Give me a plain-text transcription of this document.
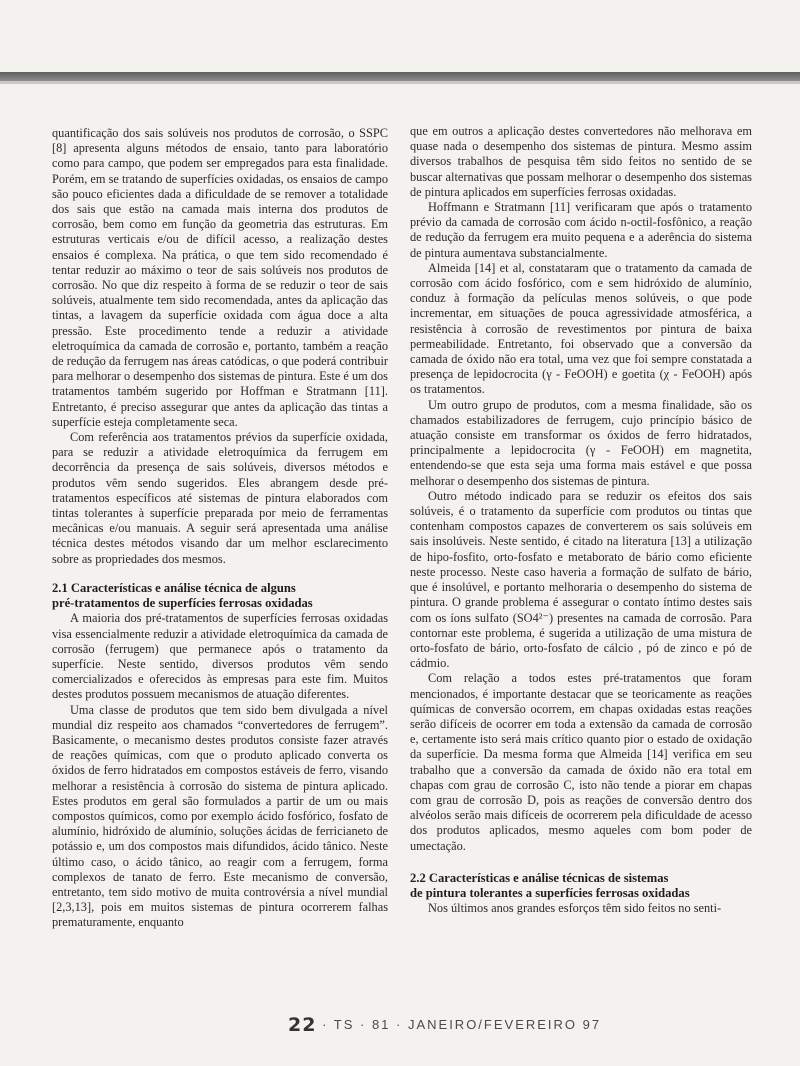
quantificação dos sais solúveis nos produtos de corrosão, o SSPC [8] apresenta alguns métodos de ensaio, tanto para laboratório como para campo, que podem ser empregados para esta finalidade. Porém, em se tratando de superfícies oxidadas, os ensaios de campo são pouco eficientes dada a dificuldade de se remover a totalidade dos sais que estão na camada mais interna dos produtos de corrosão, bem como em função da geometria das estruturas. Em estruturas verticais e/ou de difícil acesso, a realização destes ensaios é complexa. Na prática, o que tem sido recomendado é tentar reduzir ao máximo o teor de sais solúveis nos produtos de corrosão. No que diz respeito à forma de se reduzir o teor de sais solúveis, atualmente tem sido recomendada, antes da aplicação das tintas, a lavagem da superfície oxidada com água doce a alta pressão. Este procedimento tende a reduzir a atividade eletroquímica da camada de corrosão e, portanto, também a reação de redução da ferrugem nas áreas catódicas, o que poderá contribuir para melhorar o desempenho dos sistemas de pintura. Este é um dos tratamentos também sugerido por Hoffman e Stratmann [11]. Entretanto, é preciso assegurar que antes da aplicação das tintas a superfície esteja completamente seca.

Com referência aos tratamentos prévios da superfície oxidada, para se reduzir a atividade eletroquímica da ferrugem em decorrência da presença de sais solúveis, diversos métodos e produtos vêm sendo sugeridos. Eles abrangem desde pré-tratamentos específicos até sistemas de pintura elaborados com tintas tolerantes à superfície preparada por meio de ferramentas mecânicas e/ou manuais. A seguir será apresentada uma análise técnica destes métodos visando dar um melhor esclarecimento sobre as propriedades dos mesmos.

2.1 Características e análise técnica de alguns
pré-tratamentos de superfícies ferrosas oxidadas

A maioria dos pré-tratamentos de superfícies ferrosas oxidadas visa essencialmente reduzir a atividade eletroquímica da camada de corrosão (ferrugem) que permanece após o tratamento da superfície. Neste sentido, diversos produtos vêm sendo comercializados e oferecidos às empresas para este fim. Muitos destes produtos possuem mecanismos de atuação diferentes.

Uma classe de produtos que tem sido bem divulgada a nível mundial diz respeito aos chamados “convertedores de ferrugem”. Basicamente, o mecanismo destes produtos consiste fazer através de reações químicas, com que o produto aplicado converta os óxidos de ferro hidratados em compostos estáveis de ferro, visando melhorar a resistência à corrosão do sistema de pintura aplicado. Estes produtos em geral são formulados a partir de um ou mais compostos químicos, como por exemplo ácido fosfórico, fosfato de alumínio, hidróxido de alumínio, soluções ácidas de ferricianeto de potássio e, um dos compostos mais difundidos, ácido tânico. Neste último caso, o ácido tânico, ao reagir com a ferrugem, forma complexos de tanato de ferro. Este mecanismo de conversão, entretanto, tem sido motivo de muita controvérsia a nível mundial [2,3,13], pois em muitos sistemas de pintura ocorrerem falhas prematuramente, enquanto

que em outros a aplicação destes convertedores não melhorava em quase nada o desempenho dos sistemas de pintura. Mesmo assim diversos trabalhos de pesquisa têm sido feitos no sentido de se buscar alternativas que possam melhorar o desempenho dos sistemas de pintura aplicados em superfícies ferrosas oxidadas.

Hoffmann e Stratmann [11] verificaram que após o tratamento prévio da camada de corrosão com ácido n-octil-fosfônico, a reação de redução da ferrugem era muito pequena e a aderência do sistema de pintura aumentava substancialmente.

Almeida [14] et al, constataram que o tratamento da camada de corrosão com ácido fosfórico, com e sem hidróxido de alumínio, conduz à formação da películas menos solúveis, o que pode incrementar, em situações de pouca agressividade atmosférica, a resistência à corrosão de revestimentos por pintura de baixa permeabilidade. Entretanto, foi observado que a conversão da camada de óxido não era total, uma vez que foi sempre constatada a presença de lepidocrocita (γ - FeOOH) e goetita (χ - FeOOH) após os tratamentos.

Um outro grupo de produtos, com a mesma finalidade, são os chamados estabilizadores de ferrugem, cujo princípio básico de atuação consiste em transformar os óxidos de ferro hidratados, principalmente a lepidocrocita (γ - FeOOH) em magnetita, entendendo-se que esta seja uma forma mais estável e que possa melhorar o desempenho dos sistemas de pintura.

Outro método indicado para se reduzir os efeitos dos sais solúveis, é o tratamento da superfície com produtos ou tintas que contenham compostos capazes de converterem os sais solúveis em sais insolúveis. Neste sentido, é citado na literatura [13] a utilização de hipo-fosfito, orto-fosfato e metaborato de bário como eficiente neste processo. Neste caso haveria a formação de sulfato de bário, que é insolúvel, e portanto melhoraria o desempenho do sistema de pintura. O grande problema é assegurar o contato íntimo destes sais com os íons sulfato (SO4²⁻) presentes na camada de corrosão. Para contornar este problema, é sugerida a utilização de uma mistura de orto-fosfato de bário, orto-fosfato de cálcio , pó de zinco e pó de cádmio.

Com relação a todos estes pré-tratamentos que foram mencionados, é importante destacar que se teoricamente as reações químicas de conversão ocorrem, em chapas oxidadas estas reações serão difíceis de ocorrer em toda a extensão da camada de corrosão e, certamente isto será mais crítico quanto pior o estado de oxidação da superfície. Da mesma forma que Almeida [14] verifica em seu trabalho que a conversão da camada de óxido não era total em chapas com grau de corrosão C, isto não tende a piorar em chapas com grau de corrosão D, pois as reações de conversão dentro dos alvéolos serão mais difíceis de ocorrerem pela dificuldade de acesso dos produtos aplicados, mesmo aqueles com bom poder de umectação.

2.2 Características e análise técnicas de sistemas
de pintura tolerantes a superfícies ferrosas oxidadas

Nos últimos anos grandes esforços têm sido feitos no senti-

22 · TS · 81 · JANEIRO/FEVEREIRO 97
